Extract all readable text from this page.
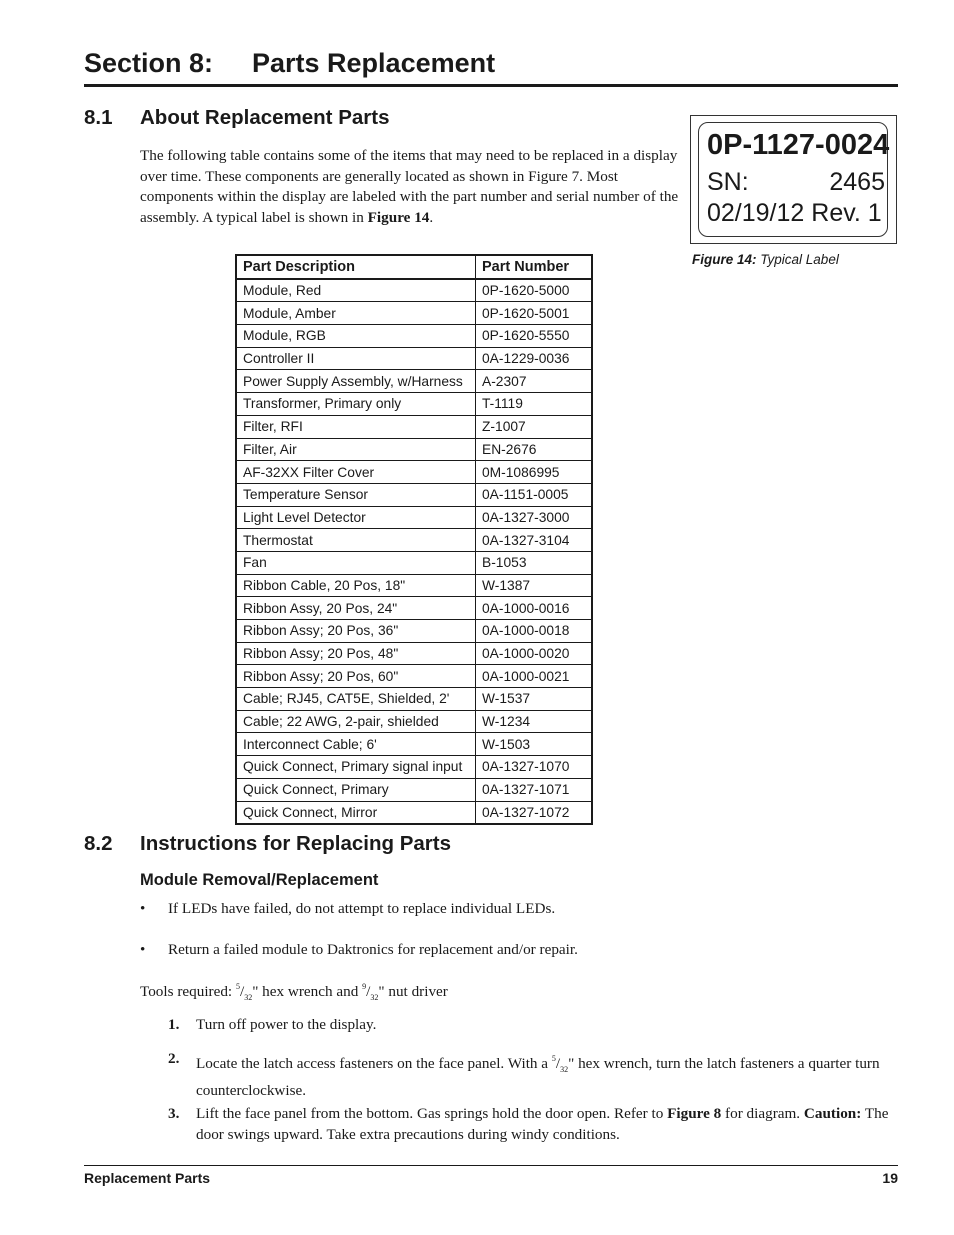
Section 8: Parts Replacement
8.1 About Replacement Parts

The following table contains some of the items that may need to be replaced in a display over time. These components are generally located as shown in Figure 7. Most components within the display are labeled with the part number and serial number of the assembly. A typical label is shown in Figure 14.

0P-1127-0024
SN:	2465
02/19/12 Rev. 1
Figure 14: Typical Label
Part Description	Part Number
Module, Red	0P-1620-5000
Module, Amber	0P-1620-5001
Module, RGB	0P-1620-5550
Controller II	0A-1229-0036
Power Supply Assembly, w/Harness	A-2307
Transformer, Primary only	T-1119
Filter, RFI	Z-1007
Filter, Air	EN-2676
AF-32XX Filter Cover	0M-1086995
Temperature Sensor	0A-1151-0005
Light Level Detector	0A-1327-3000
Thermostat	0A-1327-3104
Fan	B-1053
Ribbon Cable, 20 Pos, 18"	W-1387
Ribbon Assy, 20 Pos, 24"	0A-1000-0016
Ribbon Assy; 20 Pos, 36"	0A-1000-0018
Ribbon Assy; 20 Pos, 48"	0A-1000-0020
Ribbon Assy; 20 Pos, 60"	0A-1000-0021
Cable; RJ45, CAT5E, Shielded, 2'	W-1537
Cable; 22 AWG, 2-pair, shielded	W-1234
Interconnect Cable; 6'	W-1503
Quick Connect, Primary signal input	0A-1327-1070
Quick Connect, Primary	0A-1327-1071
Quick Connect, Mirror	0A-1327-1072
8.2 Instructions for Replacing Parts
Module Removal/Replacement
• If LEDs have failed, do not attempt to replace individual LEDs.
• Return a failed module to Daktronics for replacement and/or repair.
Tools required: $^5/_{32}$" hex wrench and $^9/_{32}$" nut driver
1. Turn off power to the display.
2. Locate the latch access fasteners on the face panel. With a $^5/_{32}$" hex wrench, turn the latch fasteners a quarter turn counterclockwise.
3. Lift the face panel from the bottom. Gas springs hold the door open. Refer to Figure 8 for diagram. Caution: The door swings upward. Take extra precautions during windy conditions.
Replacement Parts	19
